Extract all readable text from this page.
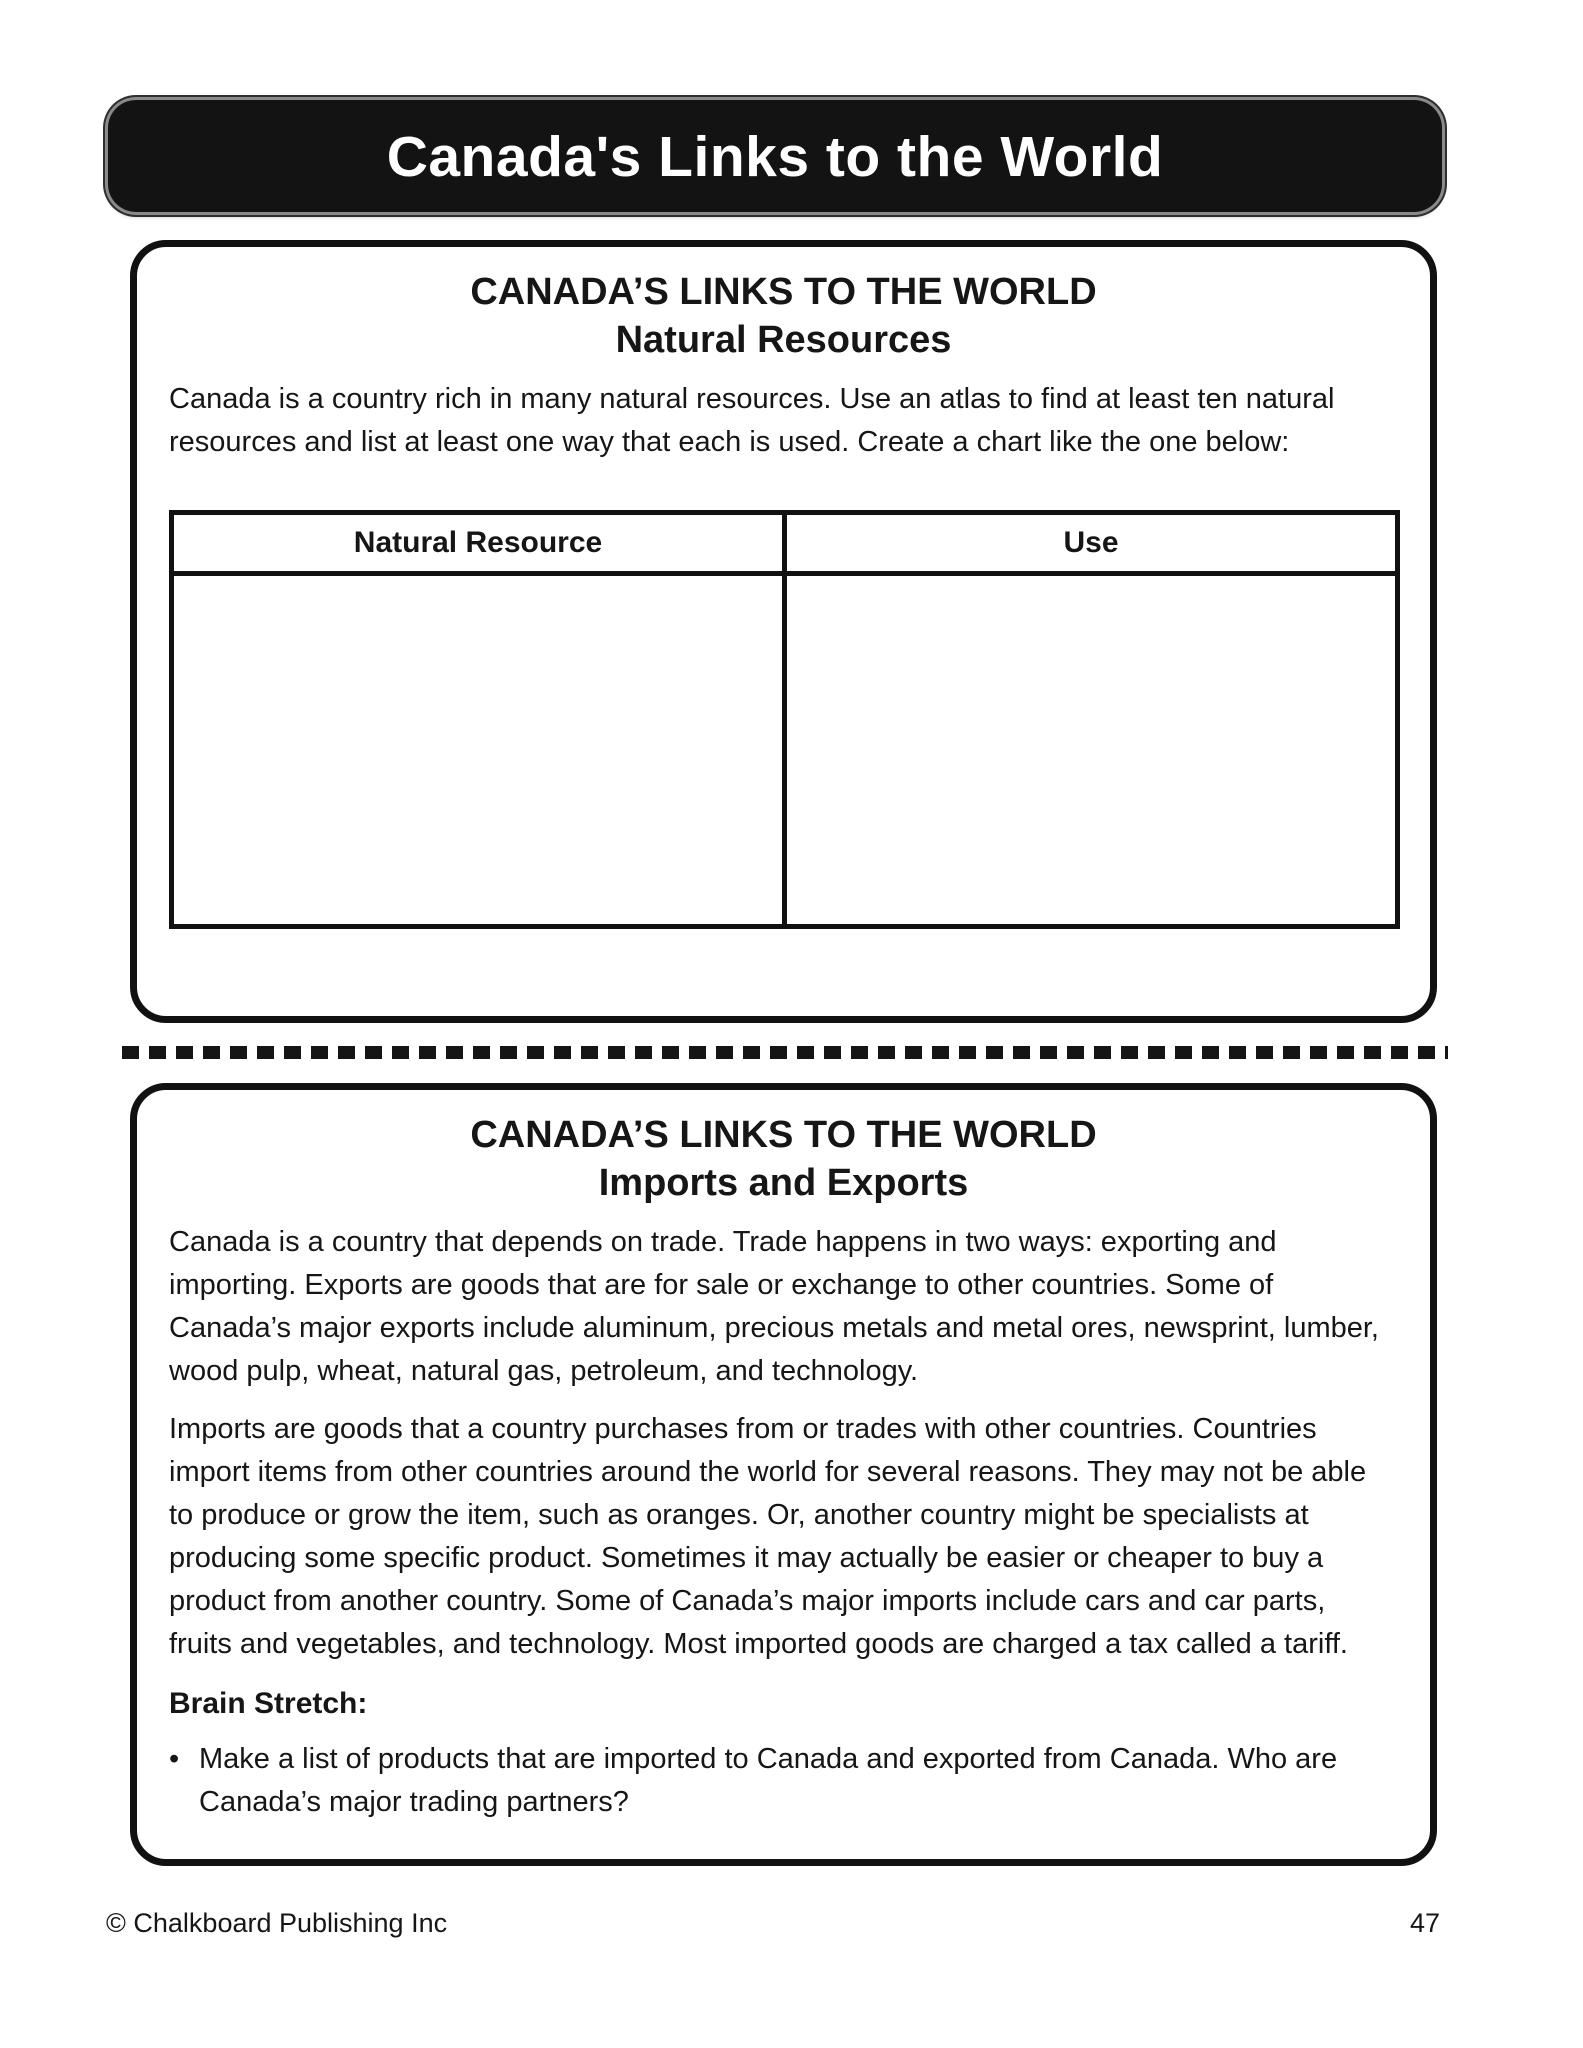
Canada's Links to the World
CANADA’S LINKS TO THE WORLD
Natural Resources

Canada is a country rich in many natural resources. Use an atlas to find at least ten natural resources and list at least one way that each is used. Create a chart like the one below:

Natural Resource	Use

CANADA’S LINKS TO THE WORLD
Imports and Exports

Canada is a country that depends on trade. Trade happens in two ways: exporting and importing. Exports are goods that are for sale or exchange to other countries. Some of Canada’s major exports include aluminum, precious metals and metal ores, newsprint, lumber, wood pulp, wheat, natural gas, petroleum, and technology.

Imports are goods that a country purchases from or trades with other countries. Countries import items from other countries around the world for several reasons. They may not be able to produce or grow the item, such as oranges. Or, another country might be specialists at producing some specific product. Sometimes it may actually be easier or cheaper to buy a product from another country. Some of Canada’s major imports include cars and car parts, fruits and vegetables, and technology. Most imported goods are charged a tax called a tariff.

Brain Stretch:
• Make a list of products that are imported to Canada and exported from Canada. Who are Canada’s major trading partners?
© Chalkboard Publishing Inc	47
